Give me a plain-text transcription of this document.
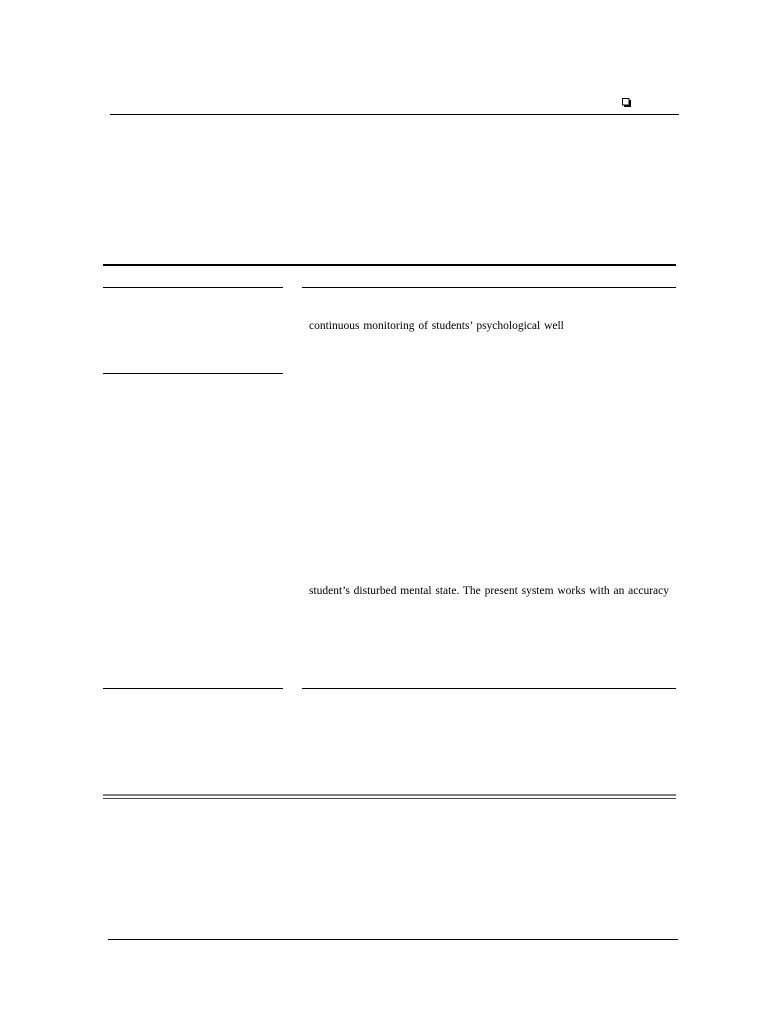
continuous monitoring of students’ psychological well
student’s disturbed mental state. The present system works with an accuracy
